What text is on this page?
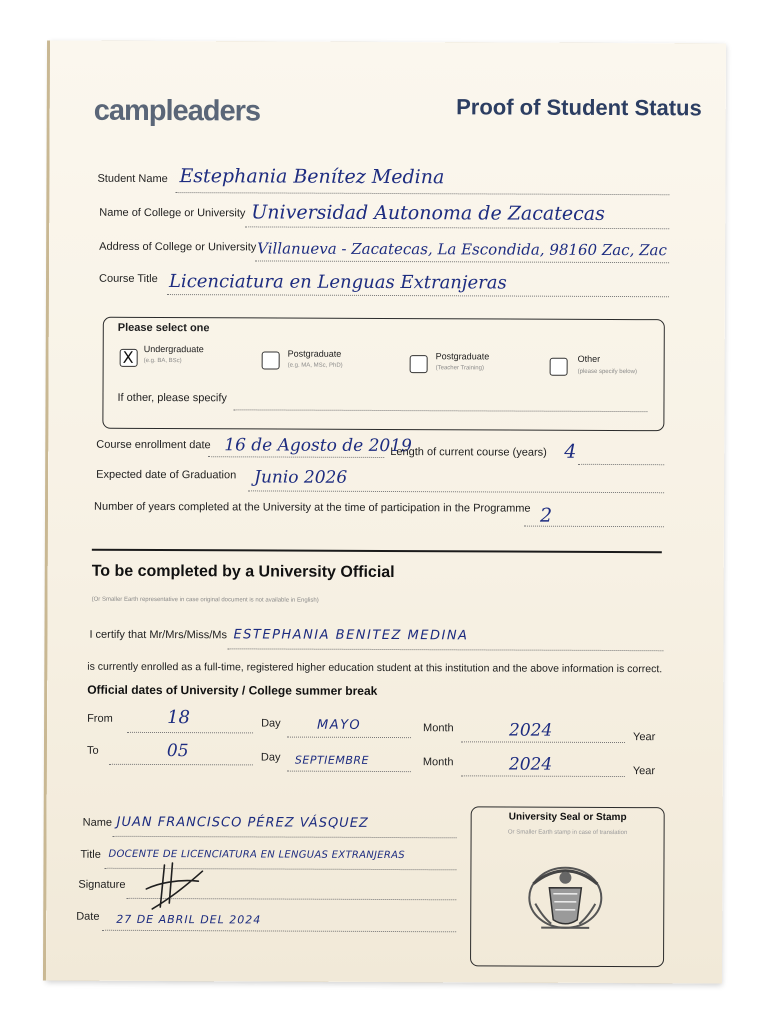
campleaders	Proof of Student Status
Student Name Estephania Benítez Medina
Name of College or University Universidad Autonoma de Zacatecas
Address of College or University Villanueva - Zacatecas, La Escondida, 98160 Zac, Zac
Course Title Licenciatura en Lenguas Extranjeras
Please select one
X Undergraduate
(e.g. BA, BSc)
Postgraduate
(e.g. MA, MSc, PhD)
Postgraduate
(Teacher Training)
Other
(please specify below)
If other, please specify
Course enrollment date 16 de Agosto de 2019
Length of current course (years) 4
Expected date of Graduation Junio 2026
Number of years completed at the University at the time of participation in the Programme 2
To be completed by a University Official
(Or Smaller Earth representative in case original document is not available in English)
I certify that Mr/Mrs/Miss/Ms ESTEPHANIA BENITEZ MEDINA
is currently enrolled as a full-time, registered higher education student at this institution and the above information is correct.
Official dates of University / College summer break
From	18	Day	MAYO	Month	2024	Year
To	05	Day SEPTIEMBRE	Month	2024	Year
Name JUAN FRANCISCO PÉREZ VÁSQUEZ
Title DOCENTE DE LICENCIATURA EN LENGUAS EXTRANJERAS
Signature
Date 27 DE ABRIL DEL 2024
University Seal or Stamp
Or Smaller Earth stamp in case of translation
